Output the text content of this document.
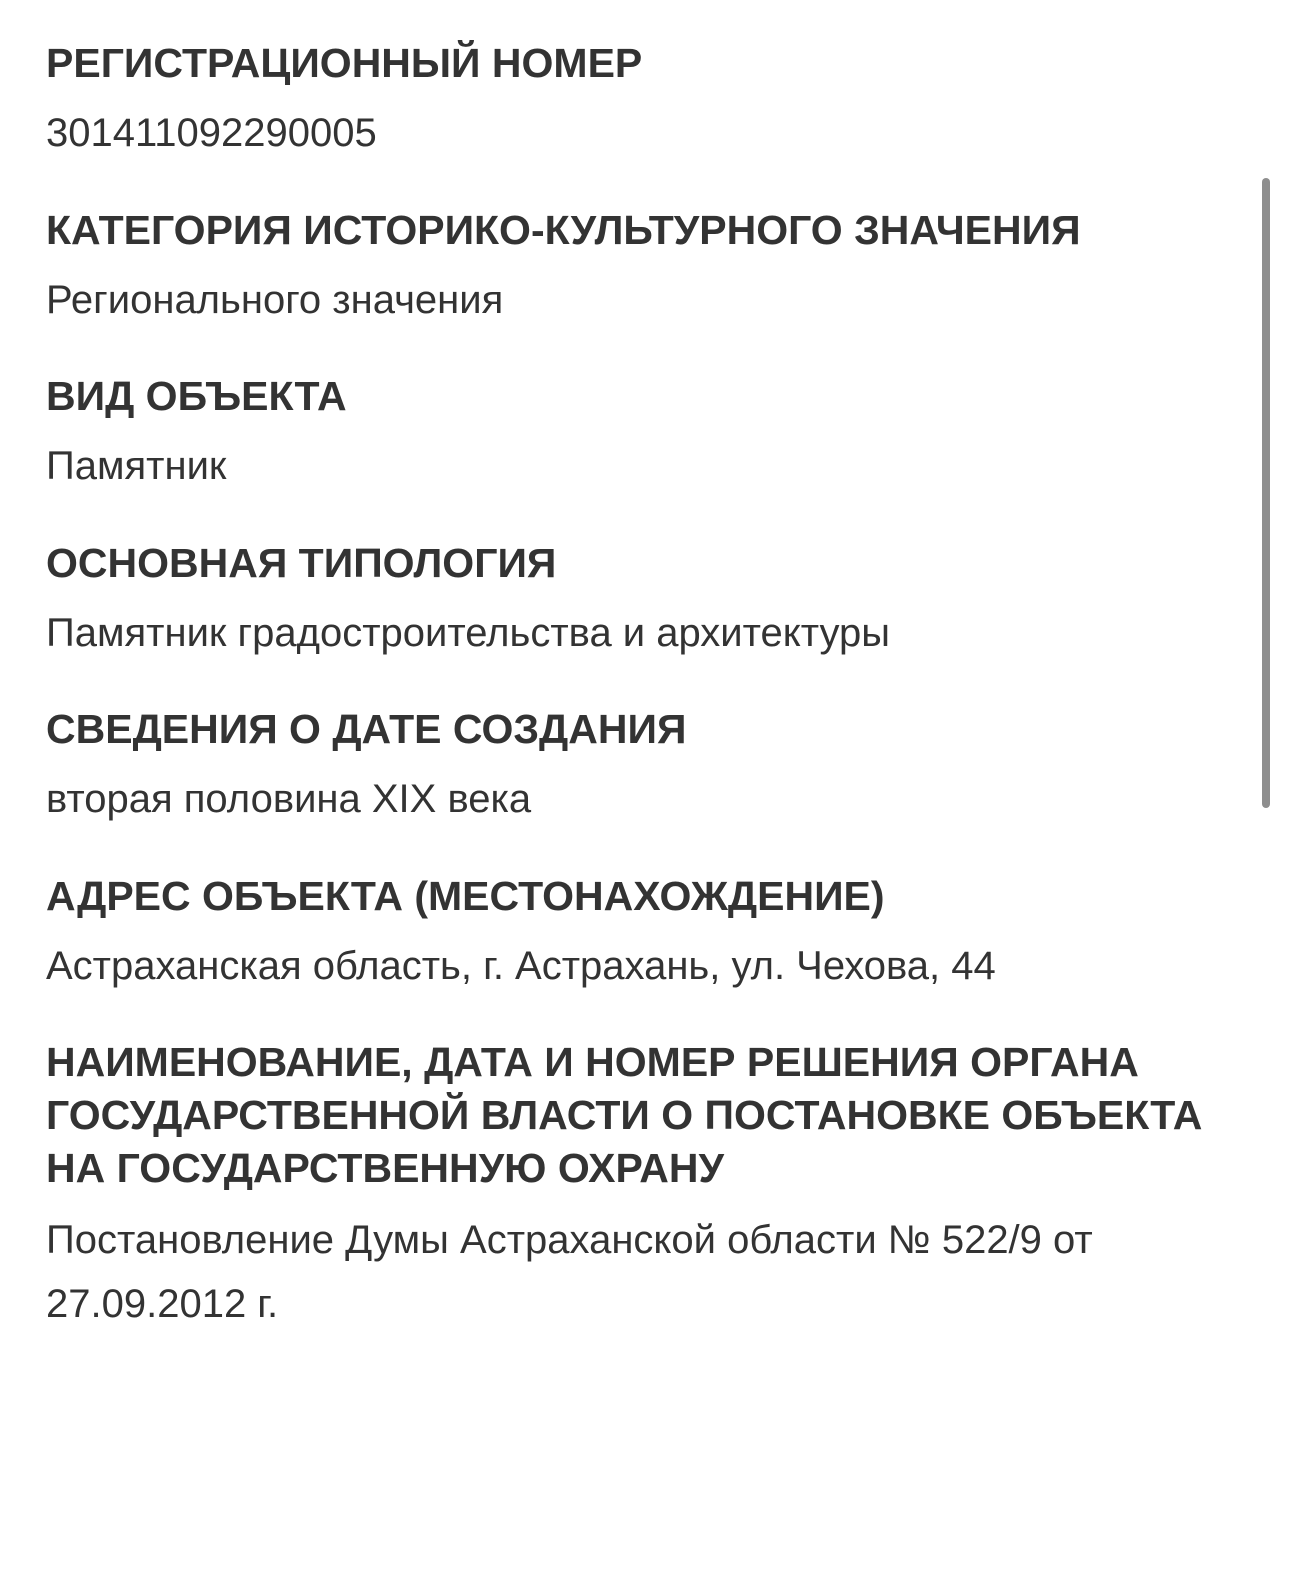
РЕГИСТРАЦИОННЫЙ НОМЕР
301411092290005
КАТЕГОРИЯ ИСТОРИКО-КУЛЬТУРНОГО ЗНАЧЕНИЯ
Регионального значения
ВИД ОБЪЕКТА
Памятник
ОСНОВНАЯ ТИПОЛОГИЯ
Памятник градостроительства и архитектуры
СВЕДЕНИЯ О ДАТЕ СОЗДАНИЯ
вторая половина XIX века
АДРЕС ОБЪЕКТА (МЕСТОНАХОЖДЕНИЕ)
Астраханская область, г. Астрахань, ул. Чехова, 44
НАИМЕНОВАНИЕ, ДАТА И НОМЕР РЕШЕНИЯ ОРГАНА ГОСУДАРСТВЕННОЙ ВЛАСТИ О ПОСТАНОВКЕ ОБЪЕКТА НА ГОСУДАРСТВЕННУЮ ОХРАНУ
Постановление Думы Астраханской области № 522/9 от 27.09.2012 г.
